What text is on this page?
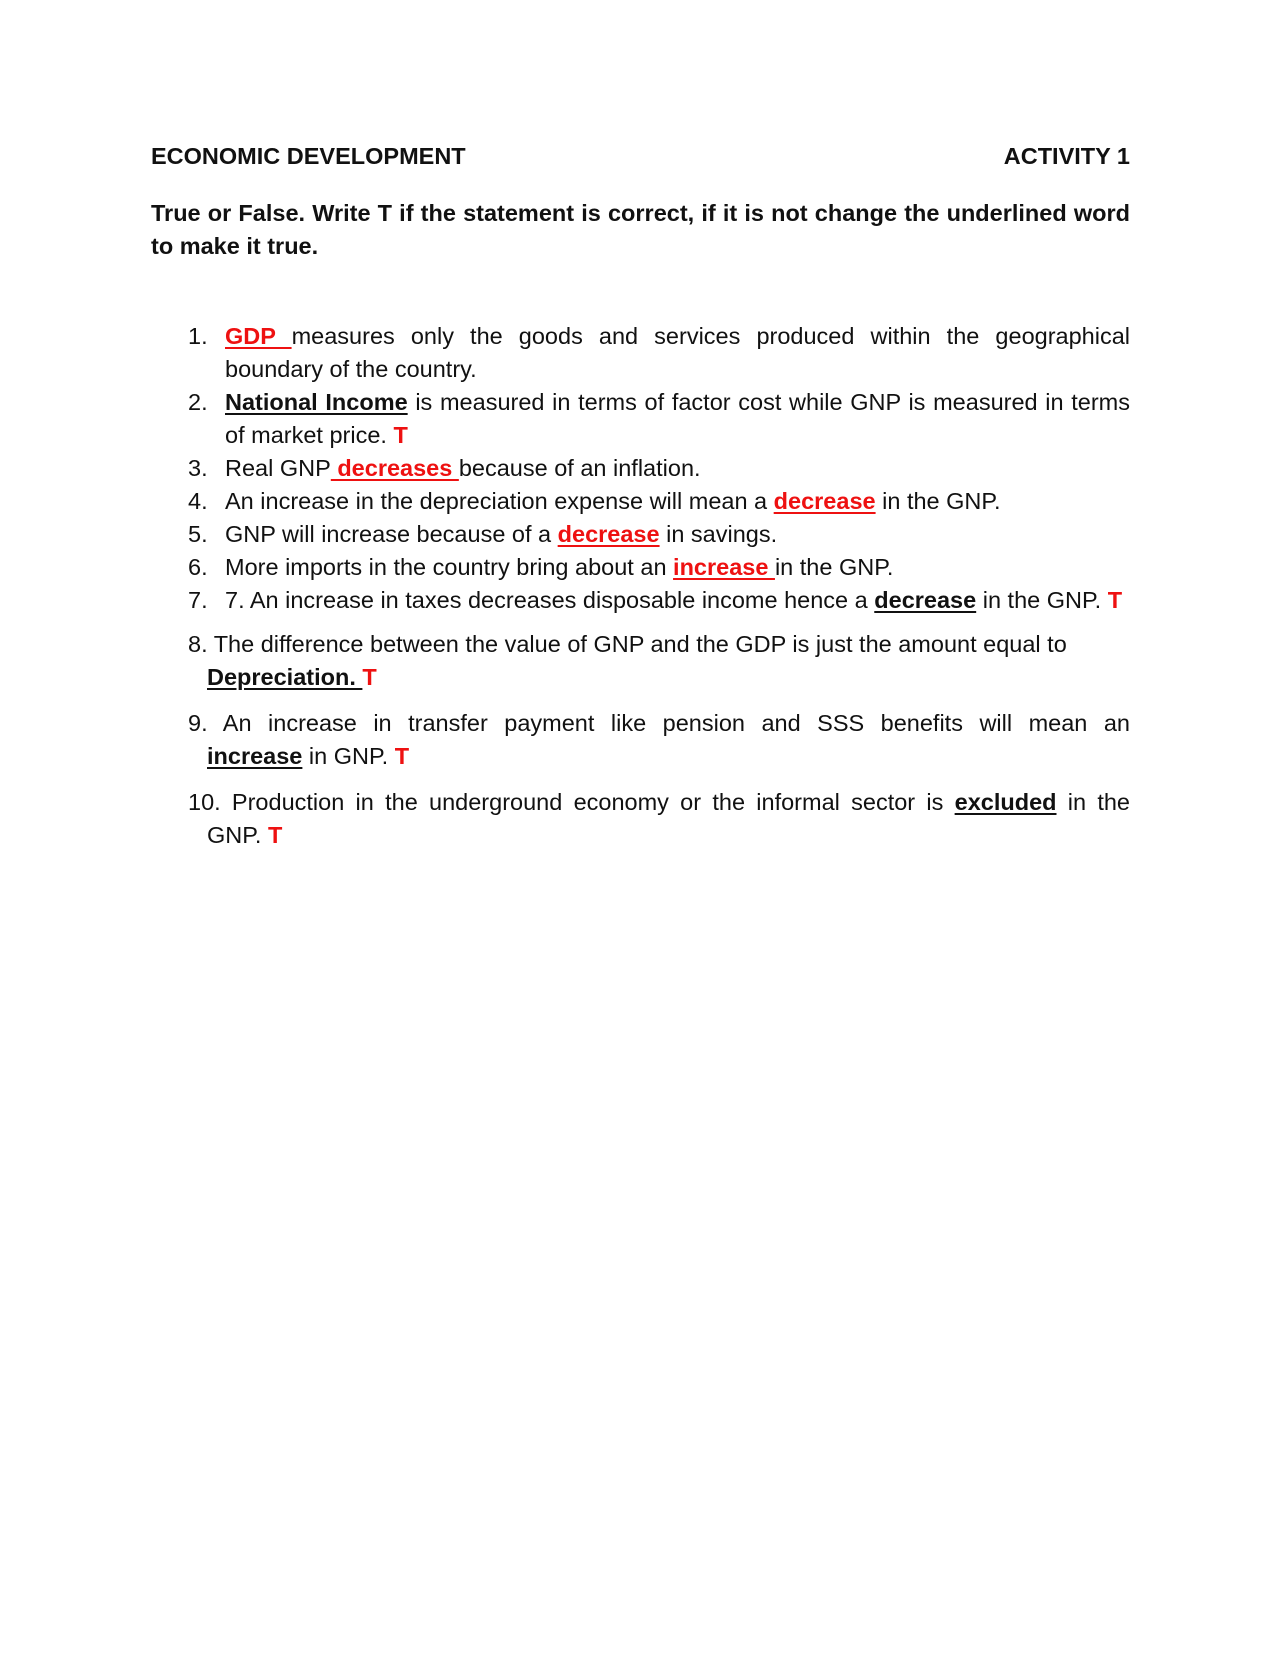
ECONOMIC DEVELOPMENT	ACTIVITY 1
True or False. Write T if the statement is correct, if it is not change the underlined word to make it true.
1. GDP measures only the goods and services produced within the geographical boundary of the country.
2. National Income is measured in terms of factor cost while GNP is measured in terms of market price. T
3. Real GNP decreases because of an inflation.
4. An increase in the depreciation expense will mean a decrease in the GNP.
5. GNP will increase because of a decrease in savings.
6. More imports in the country bring about an increase in the GNP.
7. 7. An increase in taxes decreases disposable income hence a decrease in the GNP. T
8. The difference between the value of GNP and the GDP is just the amount equal to
Depreciation. T
9. An increase in transfer payment like pension and SSS benefits will mean an
increase in GNP. T
10. Production in the underground economy or the informal sector is excluded in the
GNP. T
